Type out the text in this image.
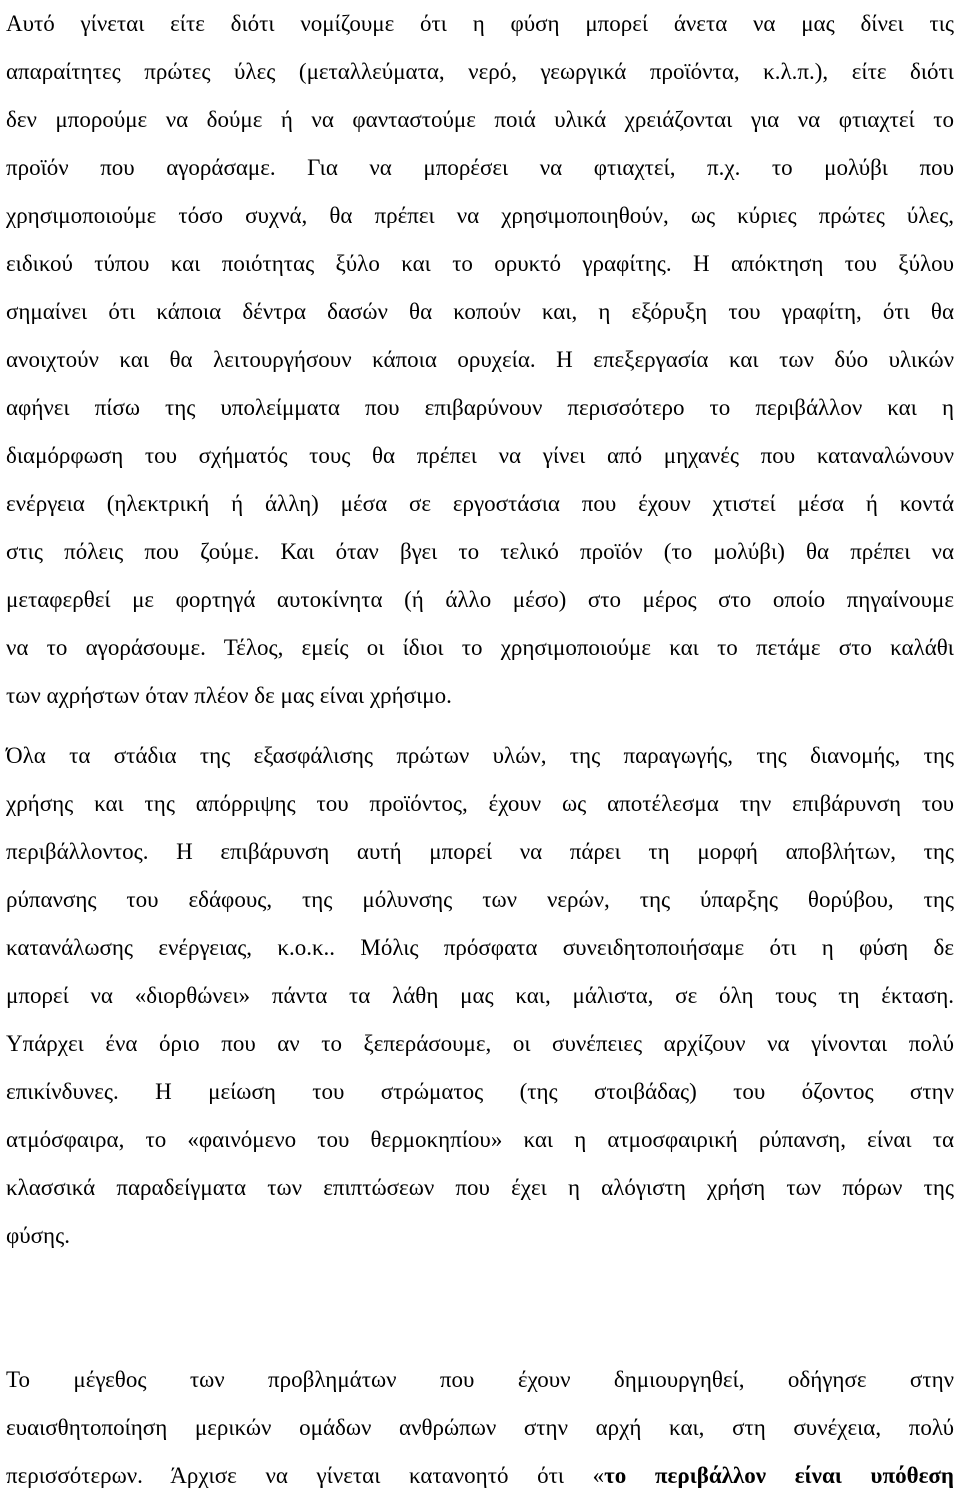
Αυτό γίνεται είτε διότι νομίζουμε ότι η φύση μπορεί άνετα να μας δίνει τις
απαραίτητες πρώτες ύλες (μεταλλεύματα, νερό, γεωργικά προϊόντα, κ.λ.π.), είτε διότι
δεν μπορούμε να δούμε ή να φανταστούμε ποιά υλικά χρειάζονται για να φτιαχτεί το
προϊόν που αγοράσαμε. Για να μπορέσει να φτιαχτεί, π.χ. το μολύβι που
χρησιμοποιούμε τόσο συχνά, θα πρέπει να χρησιμοποιηθούν, ως κύριες πρώτες ύλες,
ειδικού τύπου και ποιότητας ξύλο και το ορυκτό γραφίτης. Η απόκτηση του ξύλου
σημαίνει ότι κάποια δέντρα δασών θα κοπούν και, η εξόρυξη του γραφίτη, ότι θα
ανοιχτούν και θα λειτουργήσουν κάποια ορυχεία. Η επεξεργασία και των δύο υλικών
αφήνει πίσω της υπολείμματα που επιβαρύνουν περισσότερο το περιβάλλον και η
διαμόρφωση του σχήματός τους θα πρέπει να γίνει από μηχανές που καταναλώνουν
ενέργεια (ηλεκτρική ή άλλη) μέσα σε εργοστάσια που έχουν χτιστεί μέσα ή κοντά
στις πόλεις που ζούμε. Και όταν βγει το τελικό προϊόν (το μολύβι) θα πρέπει να
μεταφερθεί με φορτηγά αυτοκίνητα (ή άλλο μέσο) στο μέρος στο οποίο πηγαίνουμε
να το αγοράσουμε. Τέλος, εμείς οι ίδιοι το χρησιμοποιούμε και το πετάμε στο καλάθι
των αχρήστων όταν πλέον δε μας είναι χρήσιμο.
Όλα τα στάδια της εξασφάλισης πρώτων υλών, της παραγωγής, της διανομής, της
χρήσης και της απόρριψης του προϊόντος, έχουν ως αποτέλεσμα την επιβάρυνση του
περιβάλλοντος. Η επιβάρυνση αυτή μπορεί να πάρει τη μορφή αποβλήτων, της
ρύπανσης του εδάφους, της μόλυνσης των νερών, της ύπαρξης θορύβου, της
κατανάλωσης ενέργειας, κ.ο.κ.. Μόλις πρόσφατα συνειδητοποιήσαμε ότι η φύση δε
μπορεί να «διορθώνει» πάντα τα λάθη μας και, μάλιστα, σε όλη τους τη έκταση.
Υπάρχει ένα όριο που αν το ξεπεράσουμε, οι συνέπειες αρχίζουν να γίνονται πολύ
επικίνδυνες. Η μείωση του στρώματος (της στοιβάδας) του όζοντος στην
ατμόσφαιρα, το «φαινόμενο του θερμοκηπίου» και η ατμοσφαιρική ρύπανση, είναι τα
κλασσικά παραδείγματα των επιπτώσεων που έχει η αλόγιστη χρήση των πόρων της
φύσης.
Το μέγεθος των προβλημάτων που έχουν δημιουργηθεί, οδήγησε στην
ευαισθητοποίηση μερικών ομάδων ανθρώπων στην αρχή και, στη συνέχεια, πολύ
περισσότερων. Άρχισε να γίνεται κατανοητό ότι «το περιβάλλον είναι υπόθεση
